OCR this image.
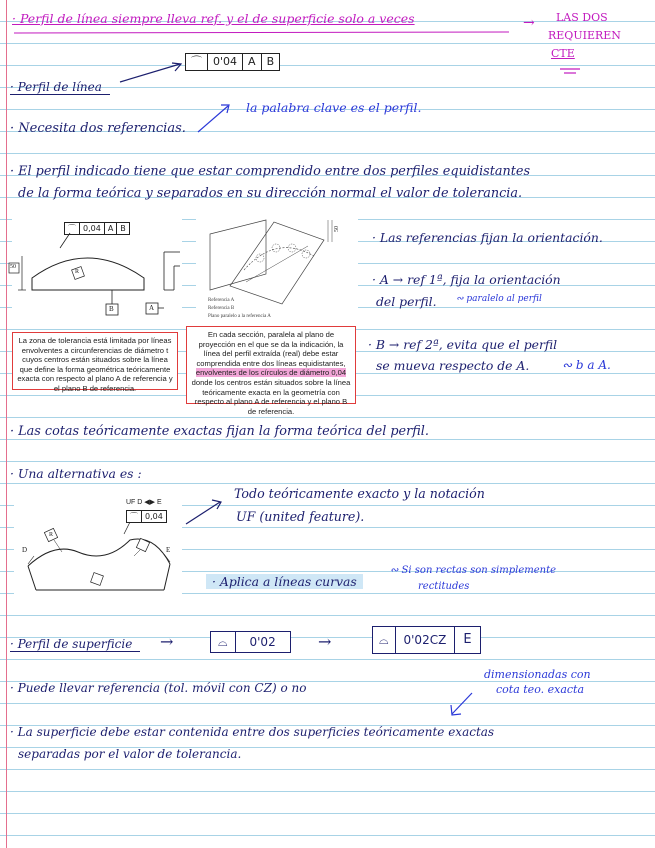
· Perfil de línea siempre lleva ref. y el de superficie solo a veces	→ LAS DOS
REQUIEREN
CTE
⌒	0'04	A	B
· Perfil de línea
· Necesita dos referencias.
la palabra clave es el perfil.
· El perfil indicado tiene que estar comprendido entre dos perfiles equidistantes
de la forma teórica y separados en su dirección normal el valor de tolerancia.
⌒ 0,04 A B
50
R
B	A
La zona de tolerancia está limitada por líneas envolventes a circunferencias de diámetro t cuyos centros están situados sobre la línea que define la forma geométrica teóricamente exacta con respecto al plano A de referencia y el plano B de referencia.
50
Referencia A
Referencia B
Plano paralelo a la referencia A
En cada sección, paralela al plano de proyección en el que se da la indicación, la línea del perfil extraída (real) debe estar comprendida entre dos líneas equidistantes, envolventes de los círculos de diámetro 0,04 donde los centros están situados sobre la línea teóricamente exacta en la geometría con respecto al plano A de referencia y el plano B de referencia.
· Las referencias fijan la orientación.
· A → ref 1ª, fija la orientación
del perfil. ∾ paralelo al perfil
· B → ref 2ª, evita que el perfil
se mueva respecto de A.	∾ b a A.
· Las cotas teóricamente exactas fijan la forma teórica del perfil.
· Una alternativa es :
UF D ◀▶ E
⌒ 0,04
D	E
R
Todo teóricamente exacto y la notación
UF (united feature).
· Aplica a líneas curvas
∾ Si son rectas son simplemente
rectitudes
· Perfil de superficie	→	⌓	0'02	→	⌓	0'02CZ	E
· Puede llevar referencia (tol. móvil con CZ) o no
dimensionadas con
cota teo. exacta
· La superficie debe estar contenida entre dos superficies teóricamente exactas
separadas por el valor de tolerancia.
